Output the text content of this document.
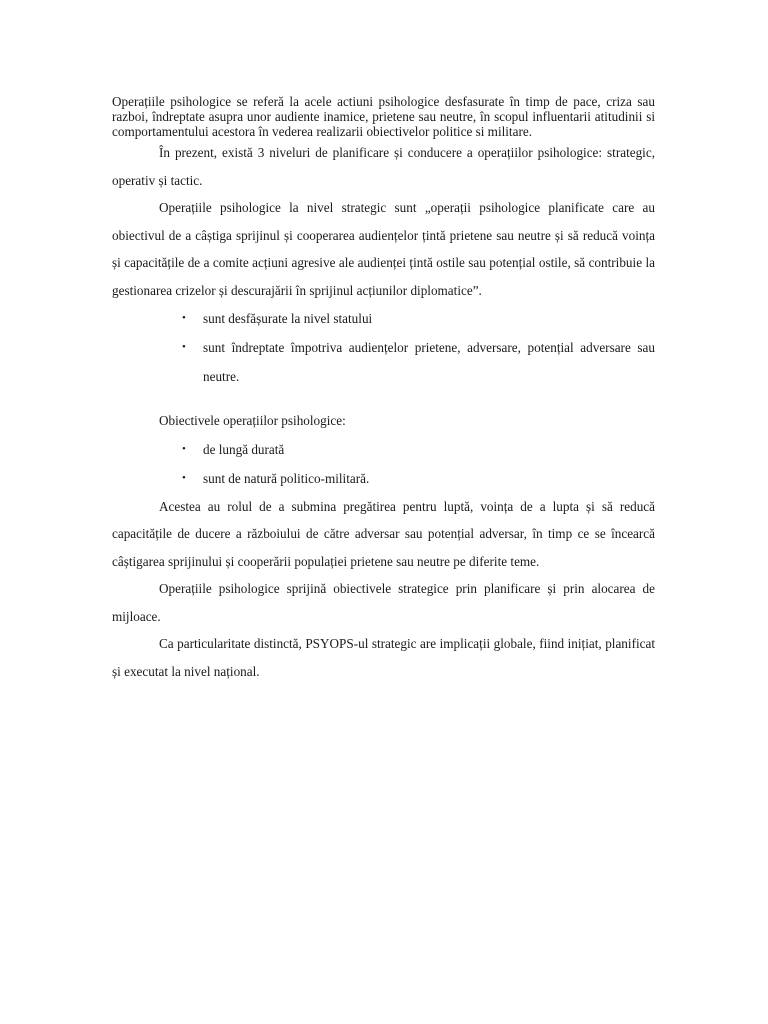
Operațiile psihologice se referă la acele actiuni psihologice desfasurate în timp de pace, criza sau razboi, îndreptate asupra unor audiente inamice, prietene sau neutre, în scopul influentarii atitudinii si comportamentului acestora în vederea realizarii obiectivelor politice si militare.

În prezent, există 3 niveluri de planificare și conducere a operațiilor psihologice: strategic, operativ și tactic.

Operațiile psihologice la nivel strategic sunt „operații psihologice planificate care au obiectivul de a câștiga sprijinul și cooperarea audiențelor țintă prietene sau neutre și să reducă voința și capacitățile de a comite acțiuni agresive ale audienței țintă ostile sau potențial ostile, să contribuie la gestionarea crizelor și descurajării în sprijinul acțiunilor diplomatice”.

• sunt desfășurate la nivel statului
• sunt îndreptate împotriva audiențelor prietene, adversare, potențial adversare sau neutre.

Obiectivele operațiilor psihologice:

• de lungă durată
• sunt de natură politico-militară.

Acestea au rolul de a submina pregătirea pentru luptă, voința de a lupta și să reducă capacitățile de ducere a războiului de către adversar sau potențial adversar, în timp ce se încearcă câștigarea sprijinului și cooperării populației prietene sau neutre pe diferite teme.

Operațiile psihologice sprijină obiectivele strategice prin planificare și prin alocarea de mijloace.

Ca particularitate distinctă, PSYOPS-ul strategic are implicații globale, fiind inițiat, planificat și executat la nivel național.
